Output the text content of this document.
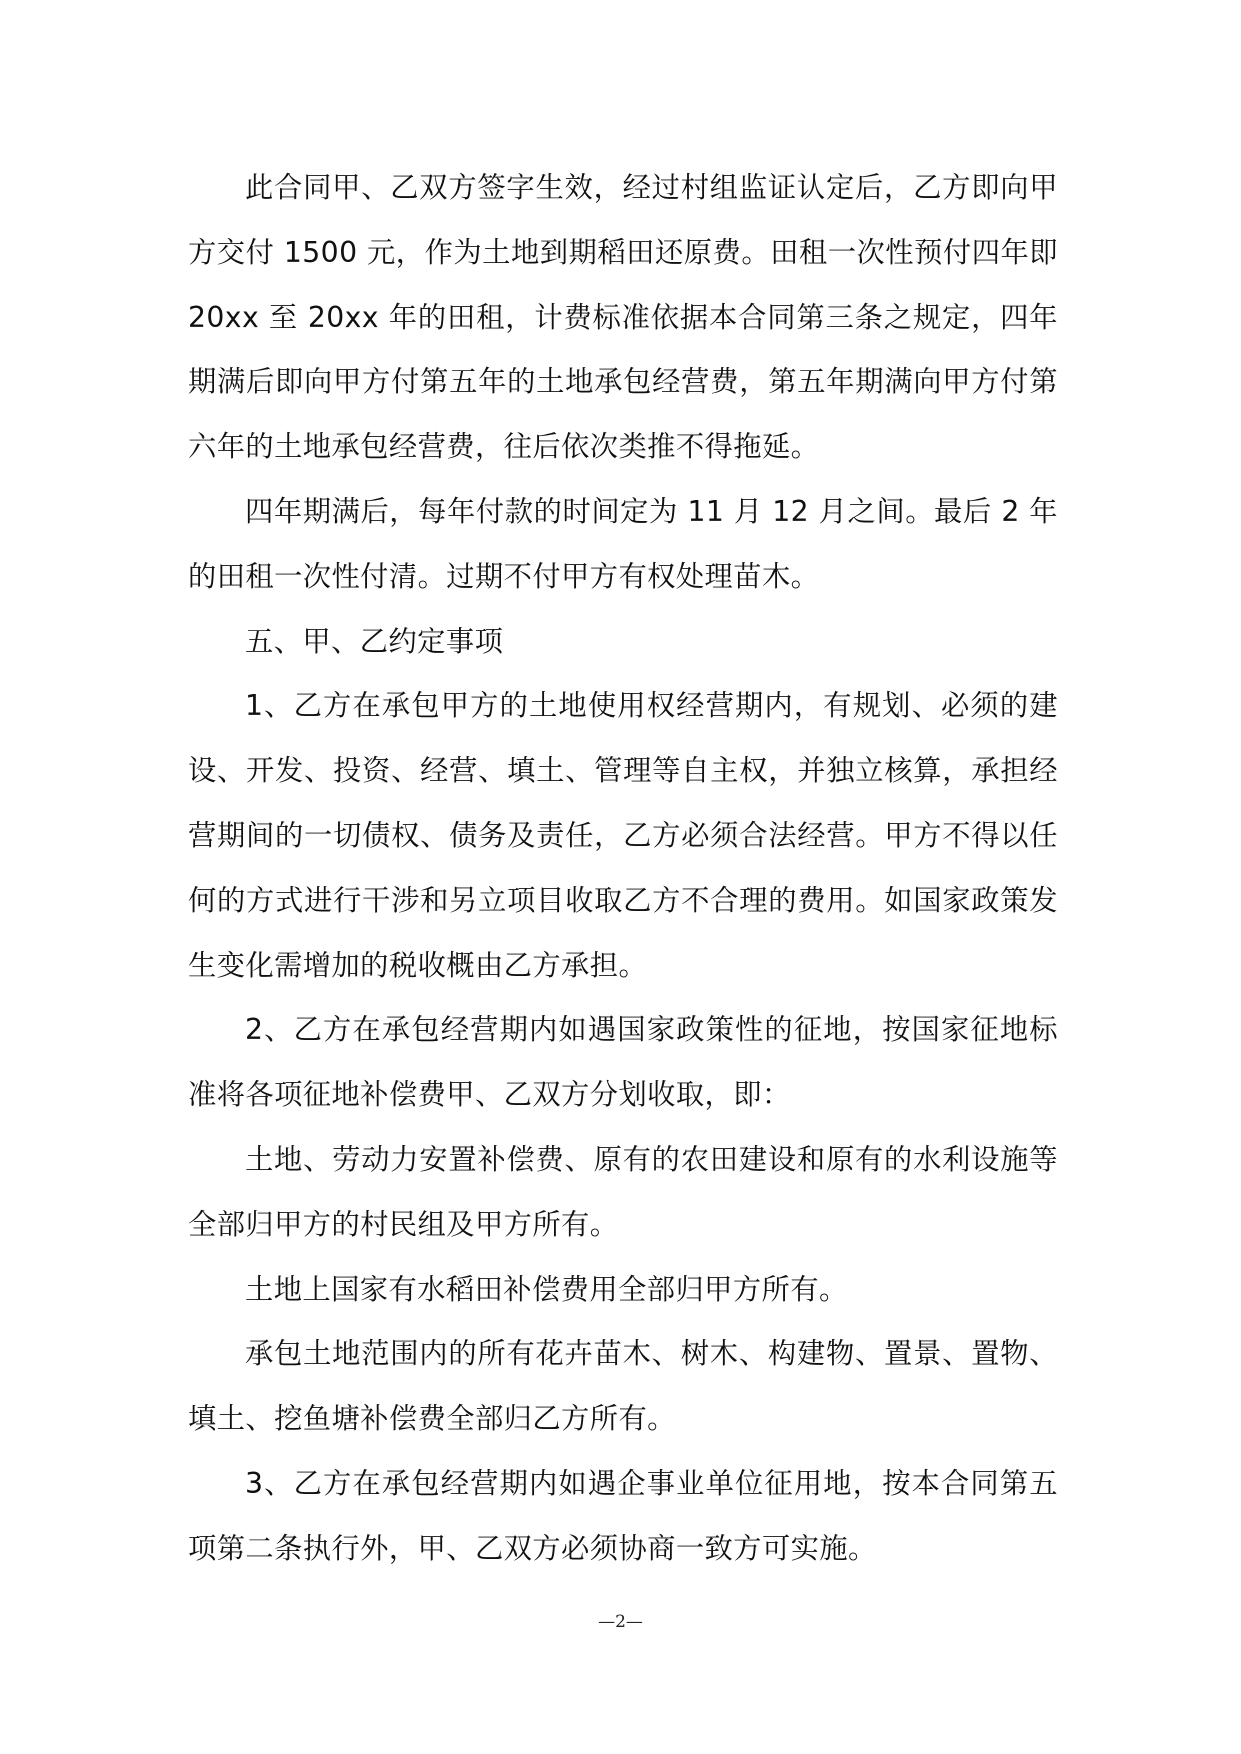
此合同甲、乙双方签字生效，经过村组监证认定后，乙方即向甲方交付 1500 元，作为土地到期稻田还原费。田租一次性预付四年即20xx 至 20xx 年的田租，计费标准依据本合同第三条之规定，四年期满后即向甲方付第五年的土地承包经营费，第五年期满向甲方付第六年的土地承包经营费，往后依次类推不得拖延。

四年期满后，每年付款的时间定为 11 月 12 月之间。最后 2 年的田租一次性付清。过期不付甲方有权处理苗木。

五、甲、乙约定事项

1、乙方在承包甲方的土地使用权经营期内，有规划、必须的建设、开发、投资、经营、填土、管理等自主权，并独立核算，承担经营期间的一切债权、债务及责任，乙方必须合法经营。甲方不得以任何的方式进行干涉和另立项目收取乙方不合理的费用。如国家政策发生变化需增加的税收概由乙方承担。

2、乙方在承包经营期内如遇国家政策性的征地，按国家征地标准将各项征地补偿费甲、乙双方分划收取，即：

土地、劳动力安置补偿费、原有的农田建设和原有的水利设施等全部归甲方的村民组及甲方所有。

土地上国家有水稻田补偿费用全部归甲方所有。

承包土地范围内的所有花卉苗木、树木、构建物、置景、置物、填土、挖鱼塘补偿费全部归乙方所有。

3、乙方在承包经营期内如遇企事业单位征用地，按本合同第五项第二条执行外，甲、乙双方必须协商一致方可实施。

—2—
